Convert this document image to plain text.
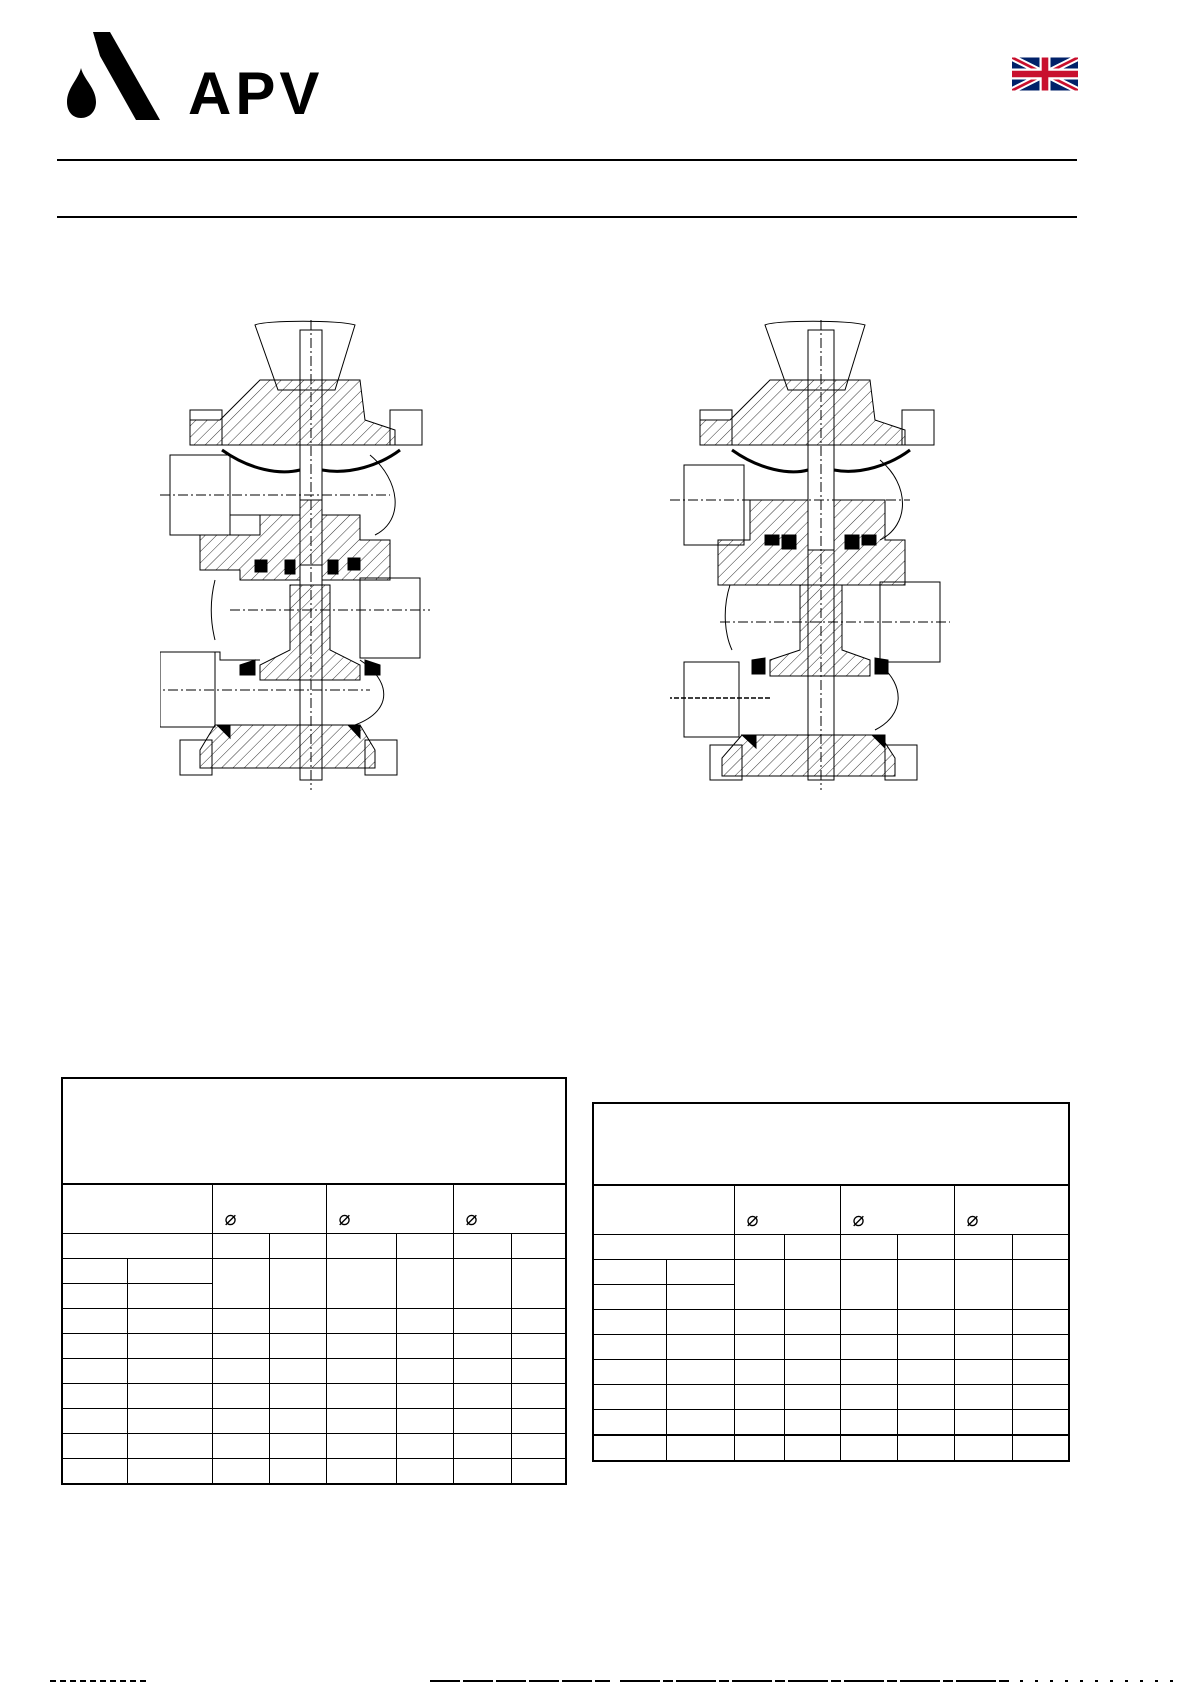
APV

		⌀		⌀		⌀	

		⌀		⌀		⌀	
